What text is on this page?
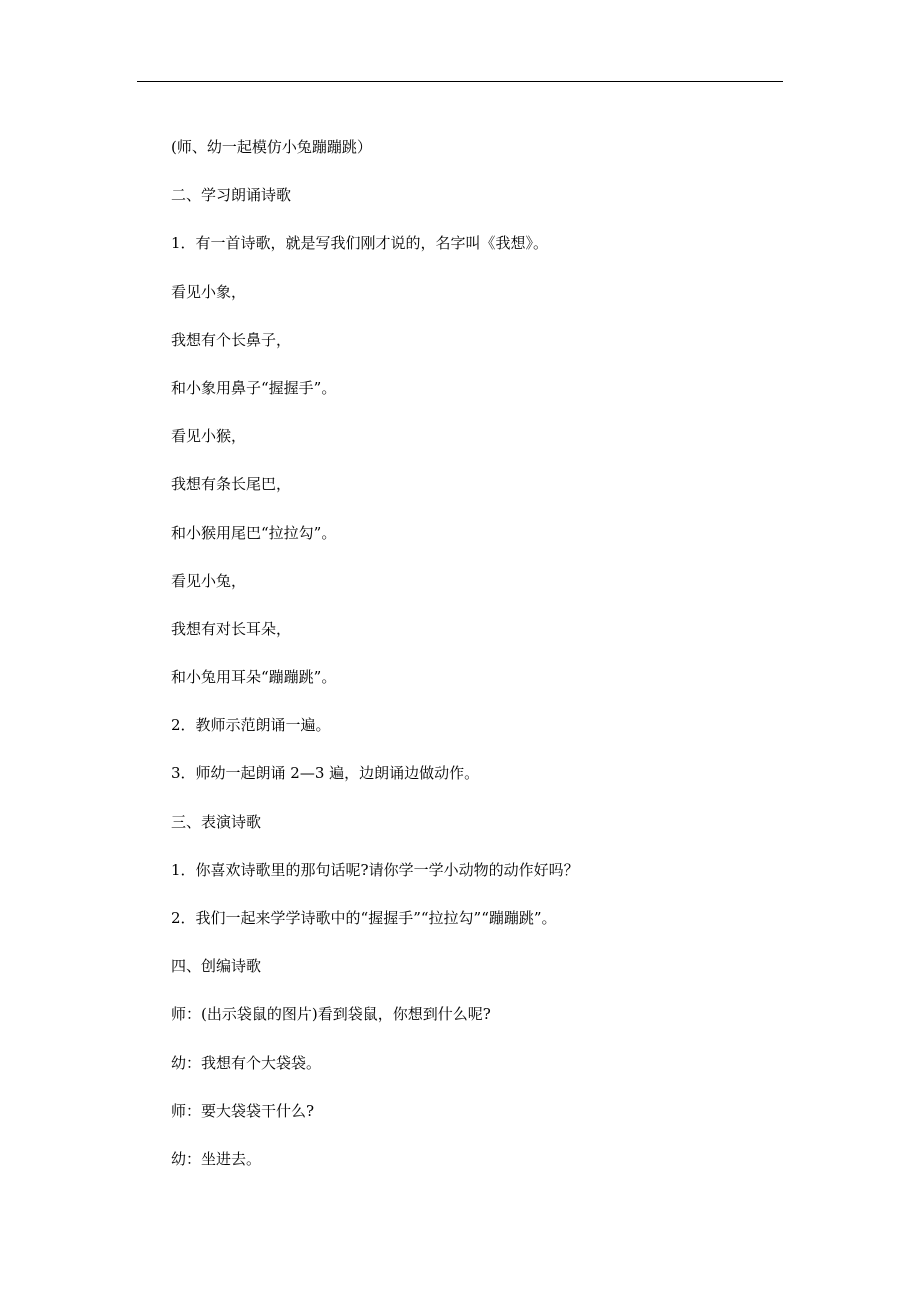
(师、幼一起模仿小兔蹦蹦跳）
二、学习朗诵诗歌
1．有一首诗歌，就是写我们刚才说的，名字叫《我想》。
看见小象，
我想有个长鼻子，
和小象用鼻子“握握手”。
看见小猴，
我想有条长尾巴，
和小猴用尾巴“拉拉勾”。
看见小兔，
我想有对长耳朵，
和小兔用耳朵“蹦蹦跳”。
2．教师示范朗诵一遍。
3．师幼一起朗诵 2—3 遍，边朗诵边做动作。
三、表演诗歌
1．你喜欢诗歌里的那句话呢?请你学一学小动物的动作好吗？
2．我们一起来学学诗歌中的“握握手”“拉拉勾”“蹦蹦跳”。
四、创编诗歌
师：(出示袋鼠的图片)看到袋鼠，你想到什么呢?
幼：我想有个大袋袋。
师：要大袋袋干什么?
幼：坐进去。
